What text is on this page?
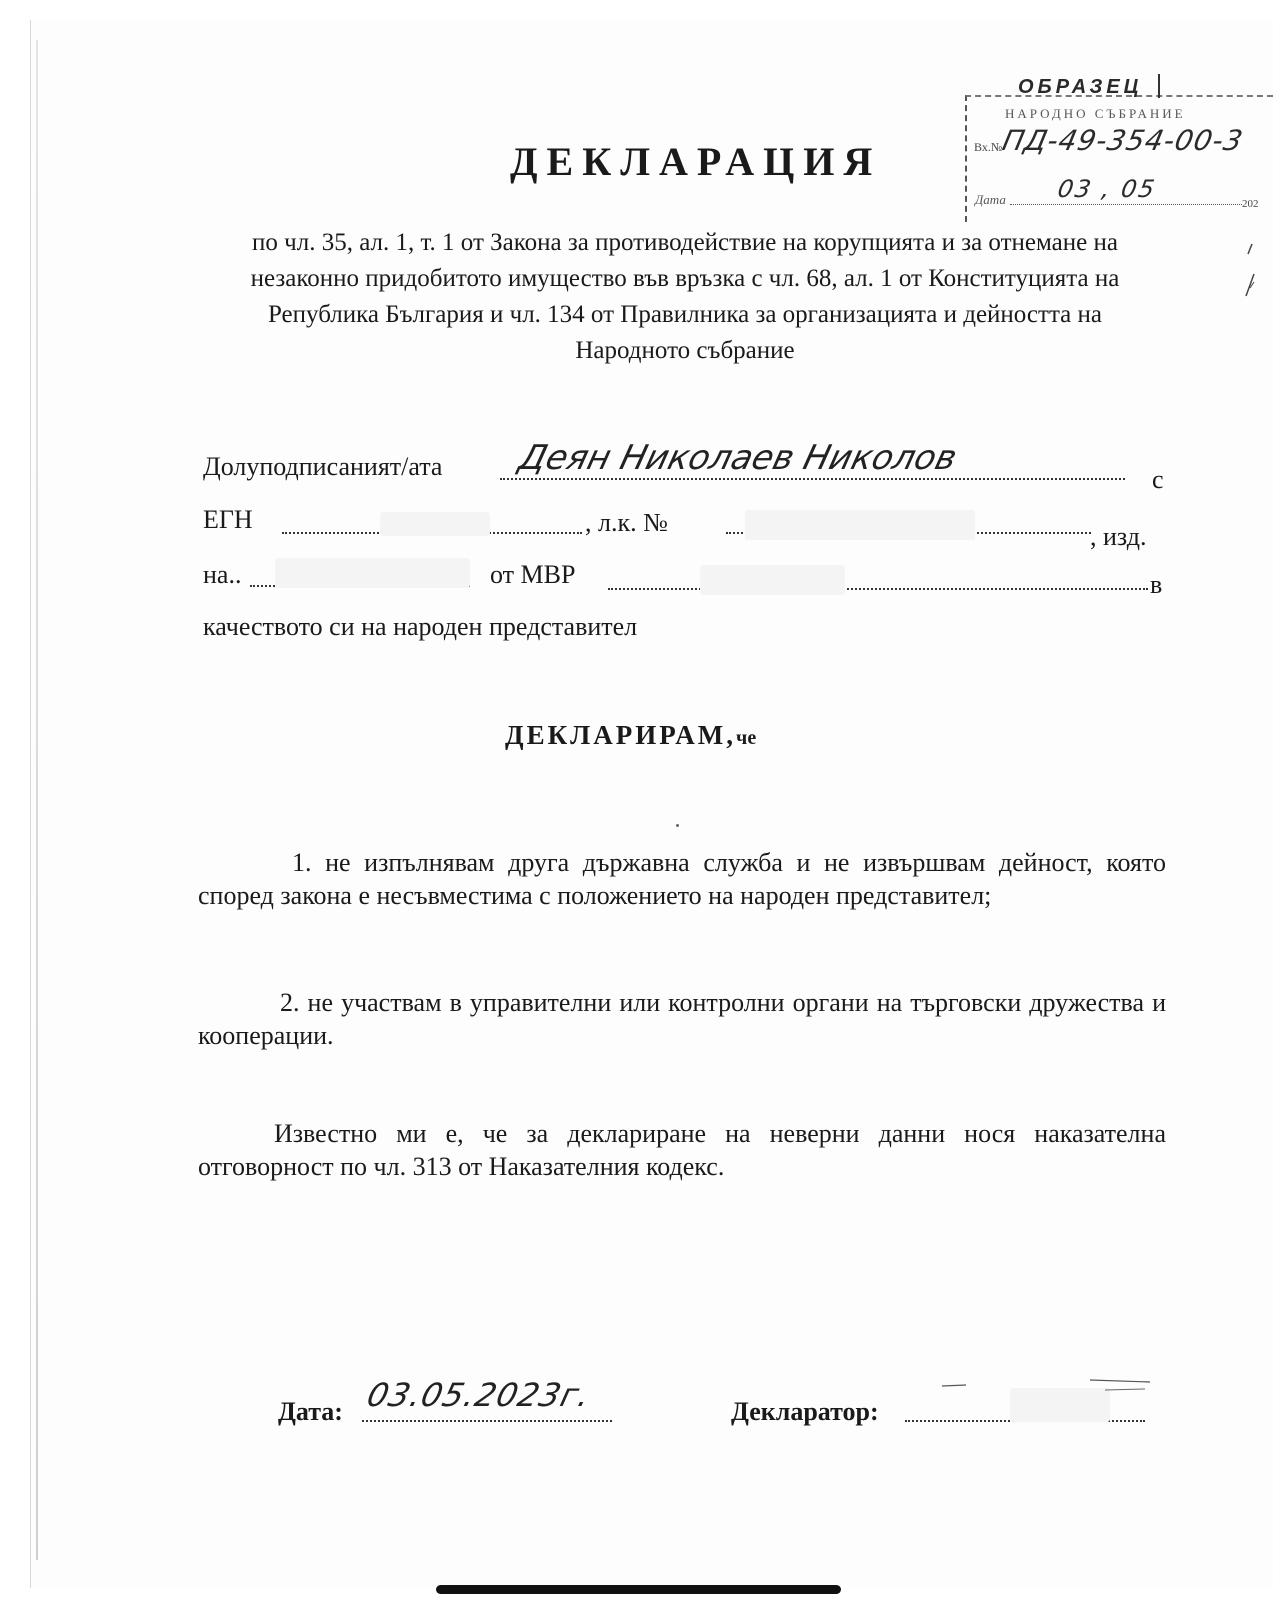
ОБРАЗЕЦ
НАРОДНО СЪБРАНИЕ
Вх.№
ПД-49-354-00-3
Дата 03 , 05
202
ДЕКЛАРАЦИЯ
по чл. 35, ал. 1, т. 1 от Закона за противодействие на корупцията и за отнемане на незаконно придобитото имущество във връзка с чл. 68, ал. 1 от Конституцията на Република България и чл. 134 от Правилника за организацията и дейността на Народното събрание
Долуподписаният/ата Деян Николаев Николов
с
ЕГН	, л.к. №	, изд.
на..	от МВР	в
качеството си на народен представител
ДЕКЛАРИРАМ,че
1. не изпълнявам друга държавна служба и не извършвам дейност, която според закона е несъвместима с положението на народен представител;
2. не участвам в управителни или контролни органи на търговски дружества и кооперации.
Известно ми е, че за деклариране на неверни данни нося наказателна отговорност по чл. 313 от Наказателния кодекс.
Дата: 03.05.2023г.	Декларатор:
